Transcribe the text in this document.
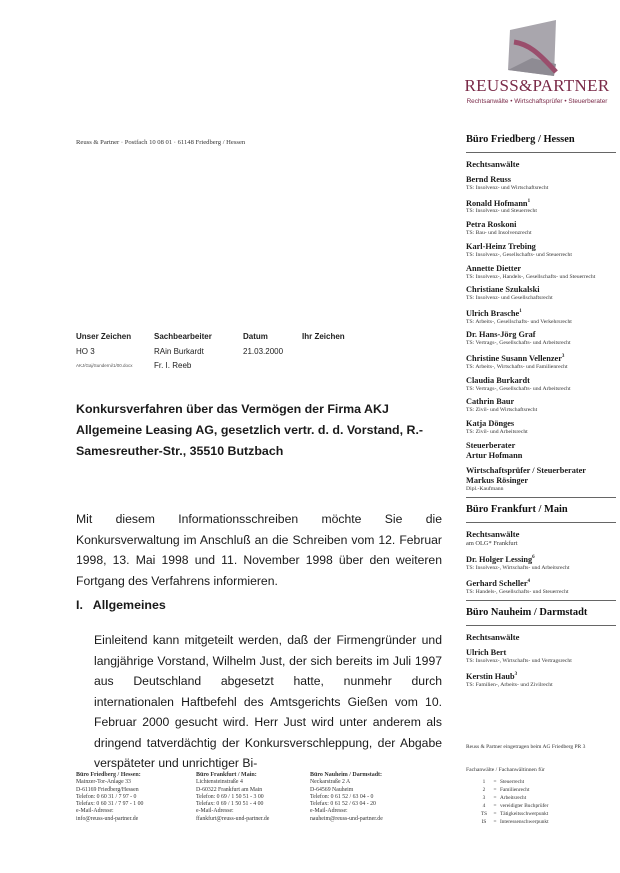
REUSS&PARTNER
Rechtsanwälte • Wirtschaftsprüfer • Steuerberater
Reuss & Partner · Postfach 10 08 01 · 61148 Friedberg / Hessen
Unser Zeichen
HO 3
AKJ/Gaj/Sunderni/1/00.docx
Sachbearbeiter
RAin Burkardt
Fr. I. Reeb
Datum
21.03.2000
Ihr Zeichen
Konkursverfahren über das Vermögen der Firma AKJ Allgemeine Leasing AG, gesetzlich vertr. d. d. Vorstand, R.-Samesreuther-Str., 35510 Butzbach
Mit diesem Informationsschreiben möchte Sie die Konkursverwaltung im Anschluß an die Schreiben vom 12. Februar 1998, 13. Mai 1998 und 11. November 1998 über den weiteren Fortgang des Verfahrens informieren.
I.   Allgemeines
Einleitend kann mitgeteilt werden, daß der Firmengründer und langjährige Vorstand, Wilhelm Just, der sich bereits im Juli 1997 aus Deutschland abgesetzt hatte, nunmehr durch internationalen Haftbefehl des Amtsgerichts Gießen vom 10. Februar 2000 gesucht wird. Herr Just wird unter anderem als dringend tatverdächtig der Konkursverschleppung, der Abgabe verspäteter und unrichtiger Bi-
Büro Friedberg / Hessen
Rechtsanwälte
Bernd Reuss
TS: Insolvenz- und Wirtschaftsrecht
Ronald Hofmann$^1$
TS: Insolvenz- und Steuerrecht
Petra Roskoni
TS: Bau- und Insolvenzrecht
Karl-Heinz Trebing
TS: Insolvenz-, Gesellschafts- und Steuerrecht
Annette Dietter
TS: Insolvenz-, Handels-, Gesellschafts- und Steuerrecht
Christiane Szukalski
TS: Insolvenz- und Gesellschaftsrecht
Ulrich Brasche$^1$
TS: Arbeits-, Gesellschafts- und Verkehrsrecht
Dr. Hans-Jörg Graf
TS: Vertrags-, Gesellschafts- und Arbeitsrecht
Christine Susann Vellenzer$^3$
TS: Arbeits-, Wirtschafts- und Familienrecht
Claudia Burkardt
TS: Vertrags-, Gesellschafts- und Arbeitsrecht
Cathrin Baur
TS: Zivil- und Wirtschaftsrecht
Katja Dönges
TS: Zivil- und Arbeitsrecht
Steuerberater
Artur Hofmann
Wirtschaftsprüfer / Steuerberater
Markus Rösinger
Dipl.-Kaufmann
Büro Frankfurt / Main
Rechtsanwälte
am OLG* Frankfurt
Dr. Holger Lessing$^6$
TS: Insolvenz-, Wirtschafts- und Arbeitsrecht
Gerhard Scheller$^4$
TS: Handels-, Gesellschafts- und Steuerrecht
Büro Nauheim / Darmstadt
Rechtsanwälte
Ulrich Bert
TS: Insolvenz-, Wirtschafts- und Vertragsrecht
Kerstin Haub$^3$
TS: Familien-, Arbeits- und Zivilrecht
Reuss & Partner eingetragen beim AG Friedberg PR 3
Fachanwälte / Fachanwältinnen für
1 = Steuerrecht
2 = Familienrecht
3 = Arbeitsrecht
4 = vereidigter Buchprüfer
TS = Tätigkeitsschwerpunkt
IS = Interessenschwerpunkt
Büro Friedberg / Hessen:
Mainzer-Tor-Anlage 33
D-61169 Friedberg/Hessen
Telefon: 0 60 31 / 7 97 - 0
Telefax: 0 60 31 / 7 97 - 1 00
e-Mail-Adresse:
info@reuss-und-partner.de
Büro Frankfurt / Main:
Lichtensteinstraße 4
D-60322 Frankfurt am Main
Telefon: 0 69 / 1 50 51 - 3 00
Telefax: 0 69 / 1 50 51 - 4 00
e-Mail-Adresse:
ffankfurt@reuss-und-partner.de
Büro Nauheim / Darmstadt:
Neckarstraße 2 A
D-64569 Nauheim
Telefon: 0 61 52 / 63 04 - 0
Telefax: 0 61 52 / 63 04 - 20
e-Mail-Adresse:
nauheim@reuss-und-partner.de
